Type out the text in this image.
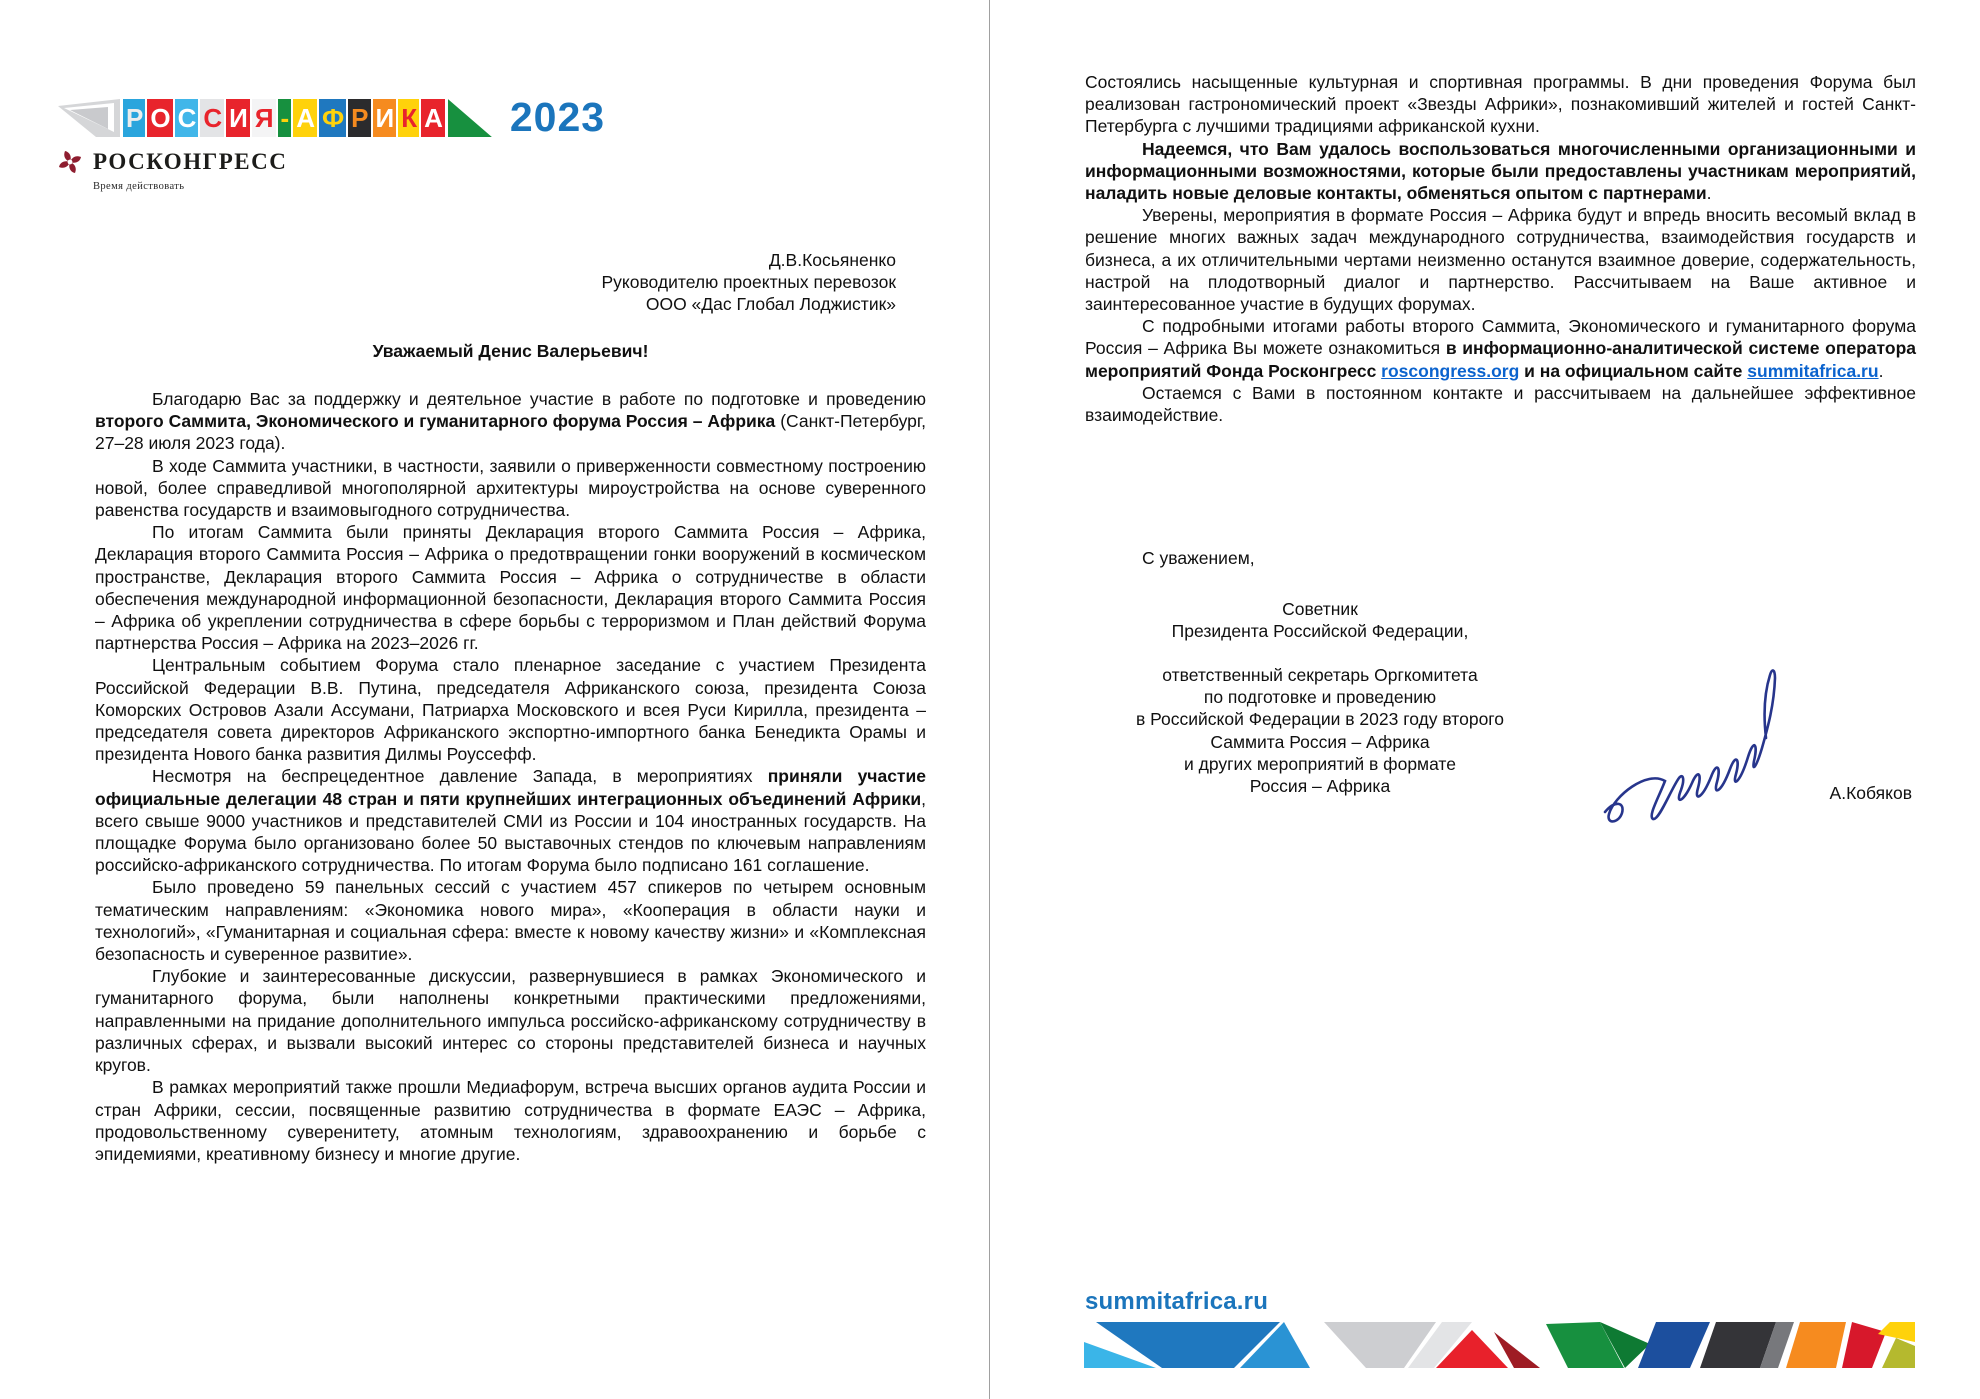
Р О С С И Я - А Ф Р И К А 2023
РОСКОНГРЕСС
Время действовать
Д.В.Косьяненко
Руководителю проектных перевозок
ООО «Дас Глобал Лоджистик»
Уважаемый Денис Валерьевич!

Благодарю Вас за поддержку и деятельное участие в работе по подготовке и проведению второго Саммита, Экономического и гуманитарного форума Россия – Африка (Санкт-Петербург, 27–28 июля 2023 года).

В ходе Саммита участники, в частности, заявили о приверженности совместному построению новой, более справедливой многополярной архитектуры мироустройства на основе суверенного равенства государств и взаимовыгодного сотрудничества.

По итогам Саммита были приняты Декларация второго Саммита Россия – Африка, Декларация второго Саммита Россия – Африка о предотвращении гонки вооружений в космическом пространстве, Декларация второго Саммита Россия – Африка о сотрудничестве в области обеспечения международной информационной безопасности, Декларация второго Саммита Россия – Африка об укреплении сотрудничества в сфере борьбы с терроризмом и План действий Форума партнерства Россия – Африка на 2023–2026 гг.

Центральным событием Форума стало пленарное заседание с участием Президента Российской Федерации В.В. Путина, председателя Африканского союза, президента Союза Коморских Островов Азали Ассумани, Патриарха Московского и всея Руси Кирилла, президента – председателя совета директоров Африканского экспортно-импортного банка Бенедикта Орамы и президента Нового банка развития Дилмы Роуссефф.

Несмотря на беспрецедентное давление Запада, в мероприятиях приняли участие официальные делегации 48 стран и пяти крупнейших интеграционных объединений Африки, всего свыше 9000 участников и представителей СМИ из России и 104 иностранных государств. На площадке Форума было организовано более 50 выставочных стендов по ключевым направлениям российско-африканского сотрудничества. По итогам Форума было подписано 161 соглашение.

Было проведено 59 панельных сессий с участием 457 спикеров по четырем основным тематическим направлениям: «Экономика нового мира», «Кооперация в области науки и технологий», «Гуманитарная и социальная сфера: вместе к новому качеству жизни» и «Комплексная безопасность и суверенное развитие».

Глубокие и заинтересованные дискуссии, развернувшиеся в рамках Экономического и гуманитарного форума, были наполнены конкретными практическими предложениями, направленными на придание дополнительного импульса российско-африканскому сотрудничеству в различных сферах, и вызвали высокий интерес со стороны представителей бизнеса и научных кругов.

В рамках мероприятий также прошли Медиафорум, встреча высших органов аудита России и стран Африки, сессии, посвященные развитию сотрудничества в формате ЕАЭС – Африка, продовольственному суверенитету, атомным технологиям, здравоохранению и борьбе с эпидемиями, креативному бизнесу и многие другие.

Состоялись насыщенные культурная и спортивная программы. В дни проведения Форума был реализован гастрономический проект «Звезды Африки», познакомивший жителей и гостей Санкт-Петербурга с лучшими традициями африканской кухни.

Надеемся, что Вам удалось воспользоваться многочисленными организационными и информационными возможностями, которые были предоставлены участникам мероприятий, наладить новые деловые контакты, обменяться опытом с партнерами.

Уверены, мероприятия в формате Россия – Африка будут и впредь вносить весомый вклад в решение многих важных задач международного сотрудничества, взаимодействия государств и бизнеса, а их отличительными чертами неизменно останутся взаимное доверие, содержательность, настрой на плодотворный диалог и партнерство. Рассчитываем на Ваше активное и заинтересованное участие в будущих форумах.

С подробными итогами работы второго Саммита, Экономического и гуманитарного форума Россия – Африка Вы можете ознакомиться в информационно-аналитической системе оператора мероприятий Фонда Росконгресс roscongress.org и на официальном сайте summitafrica.ru.

Остаемся с Вами в постоянном контакте и рассчитываем на дальнейшее эффективное взаимодействие.

С уважением,
Советник
Президента Российской Федерации,
ответственный секретарь Оргкомитета
по подготовке и проведению
в Российской Федерации в 2023 году второго
Саммита Россия – Африка
и других мероприятий в формате
Россия – Африка	А.Кобяков
summitafrica.ru
